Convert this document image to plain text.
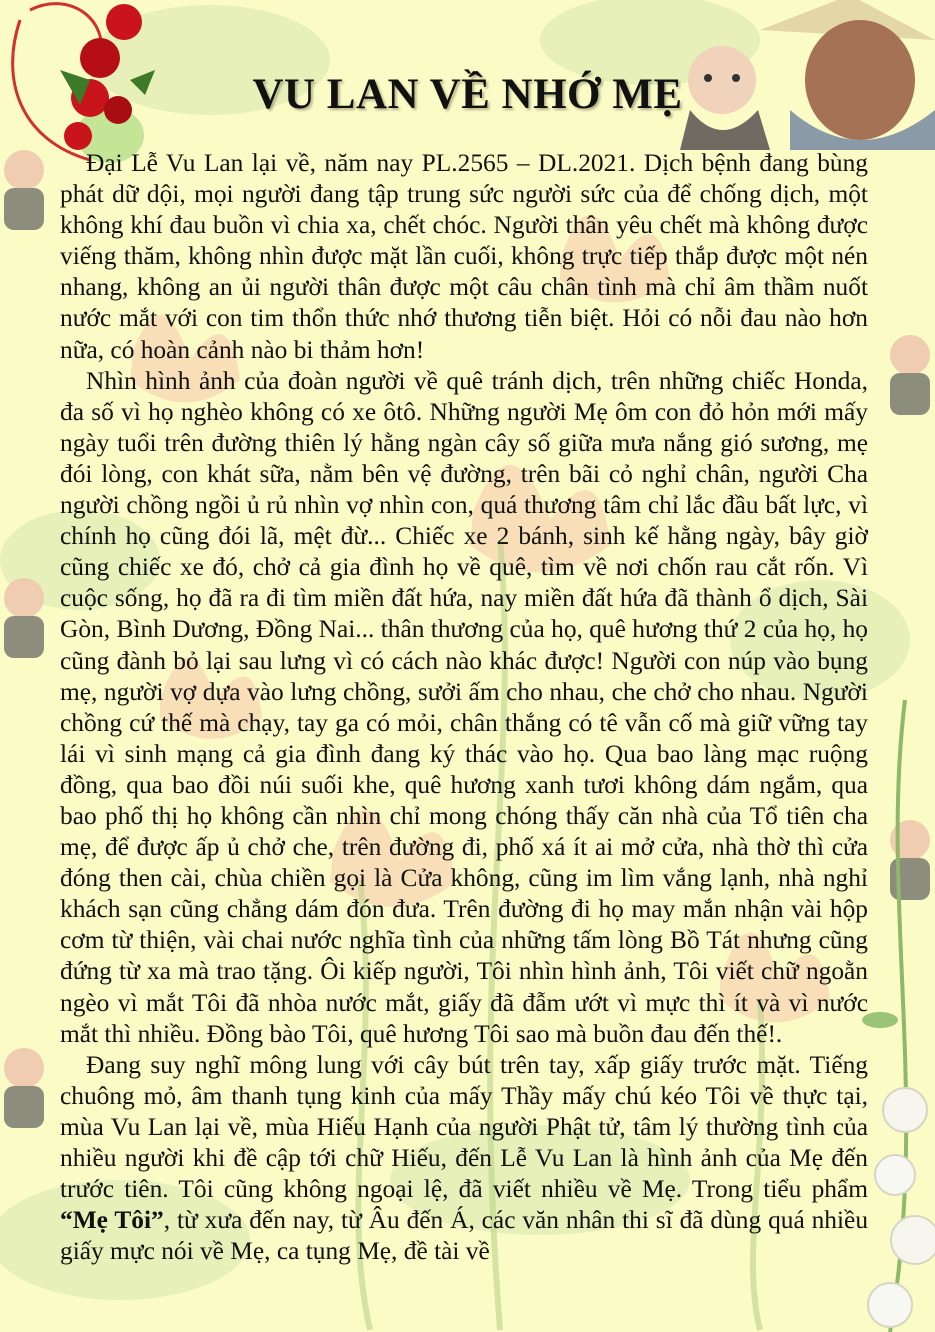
VU LAN VỀ NHỚ MẸ

Đại Lễ Vu Lan lại về, năm nay PL.2565 – DL.2021. Dịch bệnh đang bùng phát dữ dội, mọi người đang tập trung sức người sức của để chống dịch, một không khí đau buồn vì chia xa, chết chóc. Người thân yêu chết mà không được viếng thăm, không nhìn được mặt lần cuối, không trực tiếp thắp được một nén nhang, không an ủi người thân được một câu chân tình mà chỉ âm thầm nuốt nước mắt với con tim thổn thức nhớ thương tiễn biệt. Hỏi có nỗi đau nào hơn nữa, có hoàn cảnh nào bi thảm hơn!

Nhìn hình ảnh của đoàn người về quê tránh dịch, trên những chiếc Honda, đa số vì họ nghèo không có xe ôtô. Những người Mẹ ôm con đỏ hỏn mới mấy ngày tuổi trên đường thiên lý hằng ngàn cây số giữa mưa nắng gió sương, mẹ đói lòng, con khát sữa, nằm bên vệ đường, trên bãi cỏ nghỉ chân, người Cha người chồng ngồi ủ rủ nhìn vợ nhìn con, quá thương tâm chỉ lắc đầu bất lực, vì chính họ cũng đói lã, mệt đừ... Chiếc xe 2 bánh, sinh kế hằng ngày, bây giờ cũng chiếc xe đó, chở cả gia đình họ về quê, tìm về nơi chốn rau cắt rốn. Vì cuộc sống, họ đã ra đi tìm miền đất hứa, nay miền đất hứa đã thành ổ dịch, Sài Gòn, Bình Dương, Đồng Nai... thân thương của họ, quê hương thứ 2 của họ, họ cũng đành bỏ lại sau lưng vì có cách nào khác được! Người con núp vào bụng mẹ, người vợ dựa vào lưng chồng, sưởi ấm cho nhau, che chở cho nhau. Người chồng cứ thế mà chạy, tay ga có mỏi, chân thắng có tê vẫn cố mà giữ vững tay lái vì sinh mạng cả gia đình đang ký thác vào họ. Qua bao làng mạc ruộng đồng, qua bao đồi núi suối khe, quê hương xanh tươi không dám ngắm, qua bao phố thị họ không cần nhìn chỉ mong chóng thấy căn nhà của Tổ tiên cha mẹ, để được ấp ủ chở che, trên đường đi, phố xá ít ai mở cửa, nhà thờ thì cửa đóng then cài, chùa chiền gọi là Cửa không, cũng im lìm vắng lạnh, nhà nghỉ khách sạn cũng chẳng dám đón đưa. Trên đường đi họ may mắn nhận vài hộp cơm từ thiện, vài chai nước nghĩa tình của những tấm lòng Bồ Tát nhưng cũng đứng từ xa mà trao tặng. Ôi kiếp người, Tôi nhìn hình ảnh, Tôi viết chữ ngoằn ngèo vì mắt Tôi đã nhòa nước mắt, giấy đã đẫm ướt vì mực thì ít và vì nước mắt thì nhiều. Đồng bào Tôi, quê hương Tôi sao mà buồn đau đến thế!.

Đang suy nghĩ mông lung với cây bút trên tay, xấp giấy trước mặt. Tiếng chuông mỏ, âm thanh tụng kinh của mấy Thầy mấy chú kéo Tôi về thực tại, mùa Vu Lan lại về, mùa Hiếu Hạnh của người Phật tử, tâm lý thường tình của nhiều người khi đề cập tới chữ Hiếu, đến Lễ Vu Lan là hình ảnh của Mẹ đến trước tiên. Tôi cũng không ngoại lệ, đã viết nhiều về Mẹ. Trong tiểu phẩm “Mẹ Tôi”, từ xưa đến nay, từ Âu đến Á, các văn nhân thi sĩ đã dùng quá nhiều giấy mực nói về Mẹ, ca tụng Mẹ, đề tài về
